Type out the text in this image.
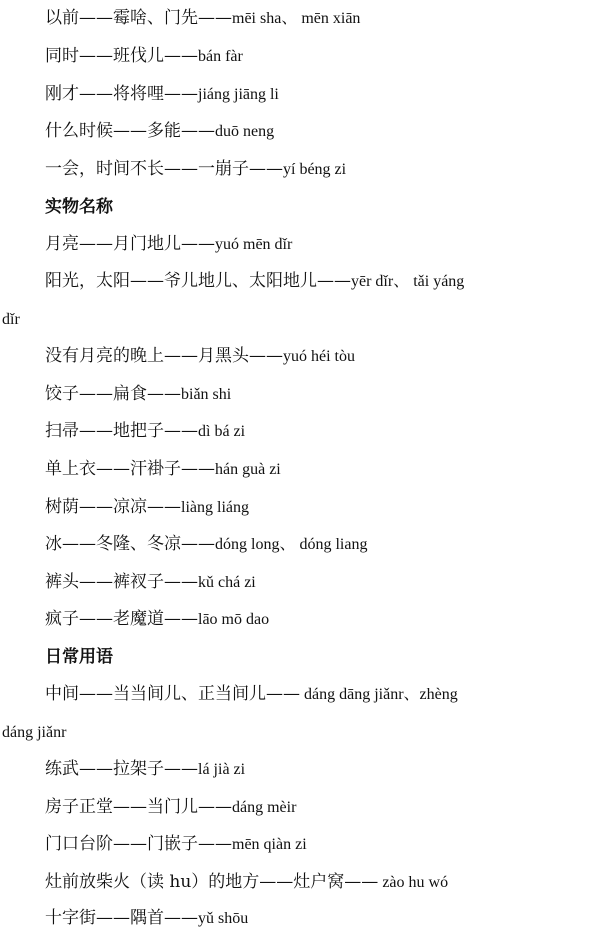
以前——霉啥、门先——mēi sha、 mēn xiān
同时——班伐儿——bán fàr
刚才——将将哩——jiáng jiāng li
什么时候——多能——duō neng
一会，时间不长——一崩子——yí béng zi
实物名称
月亮——月门地儿——yuó mēn dǐr
阳光，太阳——爷儿地儿、太阳地儿——yēr dǐr、 tǎi yáng
dǐr
没有月亮的晚上——月黑头——yuó héi tòu
饺子——扁食——biǎn shi
扫帚——地把子——dì bá zi
单上衣——汗褂子——hán guà zi
树荫——凉凉——liàng liáng
冰——冬隆、冬凉——dóng long、 dóng liang
裤头——裤衩子——kǔ chá zi
疯子——老魔道——lāo mō dao
日常用语
中间——当当间儿、正当间儿—— dáng dāng jiǎnr、zhèng
dáng jiǎnr
练武——拉架子——lá jià zi
房子正堂——当门儿——dáng mèir
门口台阶——门嵌子——mēn qiàn zi
灶前放柴火（读 hu）的地方——灶户窝—— zào hu wó
十字街——隅首——yǔ shōu
